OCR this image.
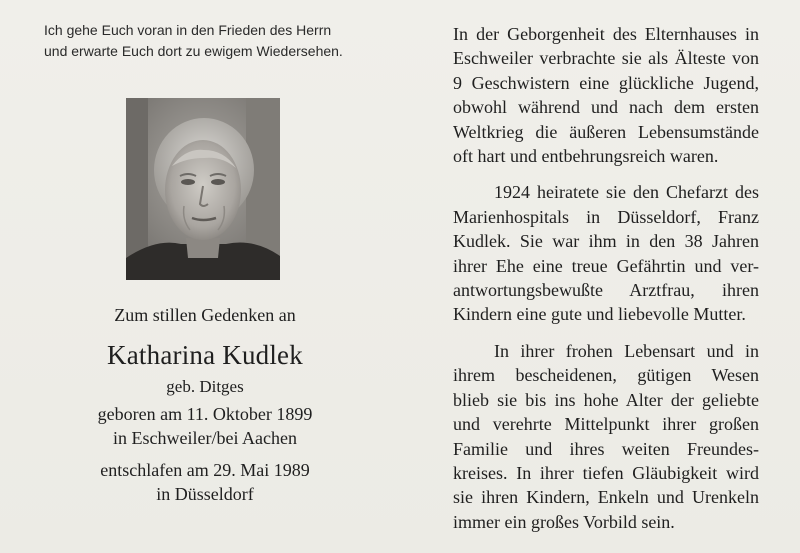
Ich gehe Euch voran in den Frieden des Herrn
und erwarte Euch dort zu ewigem Wiedersehen.
Zum stillen Gedenken an
Katharina Kudlek
geb. Ditges
geboren am 11. Oktober 1899
in Eschweiler/bei Aachen
entschlafen am 29. Mai 1989
in Düsseldorf
In der Geborgenheit des Elternhauses in
Eschweiler verbrachte sie als Älteste von
9 Geschwistern eine glückliche Jugend,
obwohl während und nach dem ersten
Weltkrieg die äußeren Lebensumstände
oft hart und entbehrungsreich waren.
1924 heiratete sie den Chefarzt des
Marienhospitals in Düsseldorf, Franz
Kudlek. Sie war ihm in den 38 Jahren
ihrer Ehe eine treue Gefährtin und ver-
antwortungsbewußte Arztfrau, ihren
Kindern eine gute und liebevolle Mutter.
In ihrer frohen Lebensart und in
ihrem bescheidenen, gütigen Wesen
blieb sie bis ins hohe Alter der geliebte
und verehrte Mittelpunkt ihrer großen
Familie und ihres weiten Freundes-
kreises. In ihrer tiefen Gläubigkeit wird
sie ihren Kindern, Enkeln und Urenkeln
immer ein großes Vorbild sein.
